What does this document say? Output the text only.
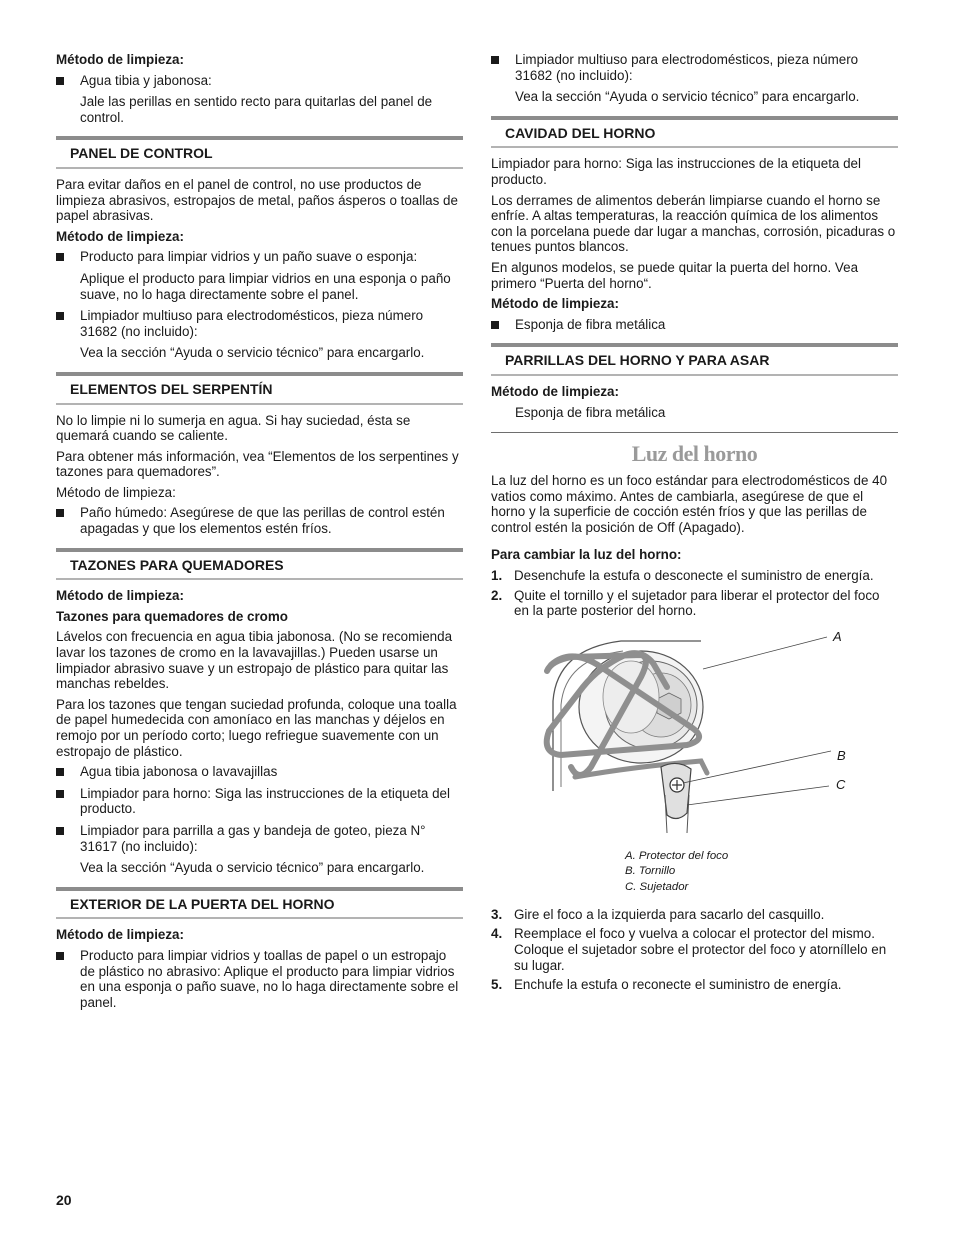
Método de limpieza:
Agua tibia y jabonosa:
Jale las perillas en sentido recto para quitarlas del panel de control.
PANEL DE CONTROL

Para evitar daños en el panel de control, no use productos de limpieza abrasivos, estropajos de metal, paños ásperos o toallas de papel abrasivas.

Método de limpieza:
Producto para limpiar vidrios y un paño suave o esponja:
Aplique el producto para limpiar vidrios en una esponja o paño suave, no lo haga directamente sobre el panel.
Limpiador multiuso para electrodomésticos, pieza número 31682 (no incluido):
Vea la sección “Ayuda o servicio técnico” para encargarlo.
ELEMENTOS DEL SERPENTÍN

No lo limpie ni lo sumerja en agua. Si hay suciedad, ésta se quemará cuando se caliente.

Para obtener más información, vea “Elementos de los serpentines y tazones para quemadores”.

Método de limpieza:

Paño húmedo: Asegúrese de que las perillas de control estén apagadas y que los elementos estén fríos.
TAZONES PARA QUEMADORES
Método de limpieza:
Tazones para quemadores de cromo

Lávelos con frecuencia en agua tibia jabonosa. (No se recomienda lavar los tazones de cromo en la lavavajillas.) Pueden usarse un limpiador abrasivo suave y un estropajo de plástico para quitar las manchas rebeldes.

Para los tazones que tengan suciedad profunda, coloque una toalla de papel humedecida con amoníaco en las manchas y déjelos en remojo por un período corto; luego refriegue suavemente con un estropajo de plástico.

Agua tibia jabonosa o lavavajillas
Limpiador para horno: Siga las instrucciones de la etiqueta del producto.
Limpiador para parrilla a gas y bandeja de goteo, pieza N° 31617 (no incluido):
Vea la sección “Ayuda o servicio técnico” para encargarlo.
EXTERIOR DE LA PUERTA DEL HORNO
Método de limpieza:
Producto para limpiar vidrios y toallas de papel o un estropajo de plástico no abrasivo: Aplique el producto para limpiar vidrios en una esponja o paño suave, no lo haga directamente sobre el panel.
Limpiador multiuso para electrodomésticos, pieza número 31682 (no incluido):
Vea la sección “Ayuda o servicio técnico” para encargarlo.
CAVIDAD DEL HORNO

Limpiador para horno: Siga las instrucciones de la etiqueta del producto.

Los derrames de alimentos deberán limpiarse cuando el horno se enfríe. A altas temperaturas, la reacción química de los alimentos con la porcelana puede dar lugar a manchas, corrosión, picaduras o tenues puntos blancos.

En algunos modelos, se puede quitar la puerta del horno. Vea primero “Puerta del horno“.

Método de limpieza:
Esponja de fibra metálica
PARRILLAS DEL HORNO Y PARA ASAR
Método de limpieza:
Esponja de fibra metálica
Luz del horno

La luz del horno es un foco estándar para electrodomésticos de 40 vatios como máximo. Antes de cambiarla, asegúrese de que el horno y la superficie de cocción estén fríos y que las perillas de control estén la posición de Off (Apagado).

Para cambiar la luz del horno:
1. Desenchufe la estufa o desconecte el suministro de energía.
2. Quite el tornillo y el sujetador para liberar el protector del foco en la parte posterior del horno.
A
B
C
A. Protector del foco
B. Tornillo
C. Sujetador
3. Gire el foco a la izquierda para sacarlo del casquillo.
4. Reemplace el foco y vuelva a colocar el protector del mismo. Coloque el sujetador sobre el protector del foco y atorníllelo en su lugar.
5. Enchufe la estufa o reconecte el suministro de energía.
20
